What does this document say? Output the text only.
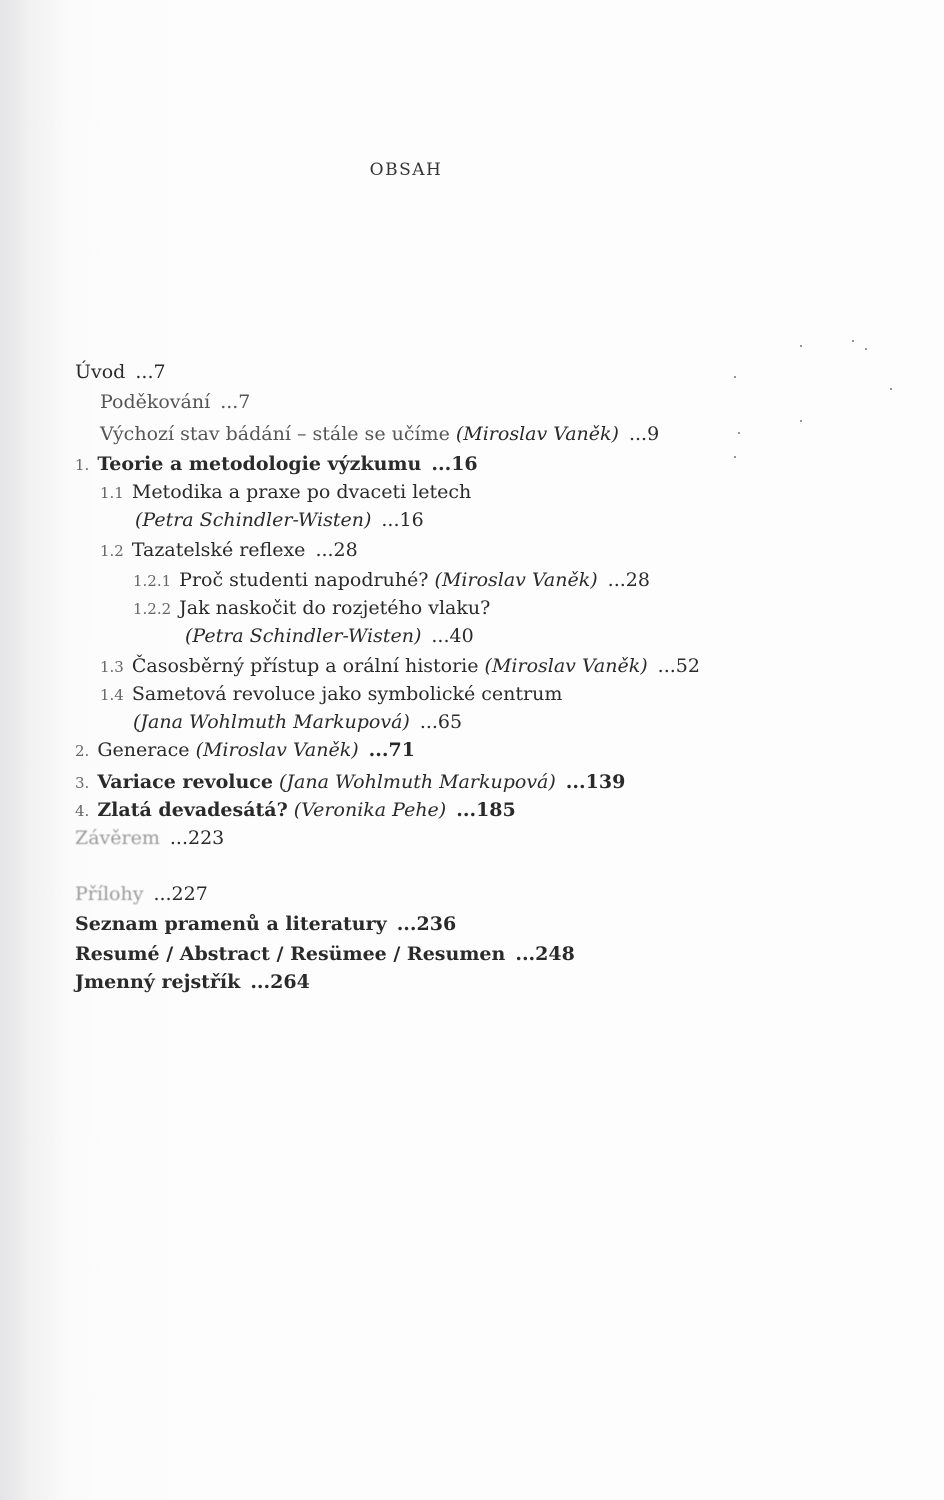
OBSAH
Úvod ...7
Poděkování ...7
Výchozí stav bádání – stále se učíme (Miroslav Vaněk) ...9
1. Teorie a metodologie výzkumu ...16
1.1 Metodika a praxe po dvaceti letech
(Petra Schindler-Wisten) ...16
1.2 Tazatelské reflexe ...28
1.2.1 Proč studenti napodruhé? (Miroslav Vaněk) ...28
1.2.2 Jak naskočit do rozjetého vlaku?
(Petra Schindler-Wisten) ...40
1.3 Časosběrný přístup a orální historie (Miroslav Vaněk) ...52
1.4 Sametová revoluce jako symbolické centrum
(Jana Wohlmuth Markupová) ...65
2. Generace (Miroslav Vaněk) ...71
3. Variace revoluce (Jana Wohlmuth Markupová) ...139
4. Zlatá devadesátá? (Veronika Pehe) ...185
Závěrem ...223
Přílohy ...227
Seznam pramenů a literatury ...236
Resumé / Abstract / Resümee / Resumen ...248
Jmenný rejstřík ...264
